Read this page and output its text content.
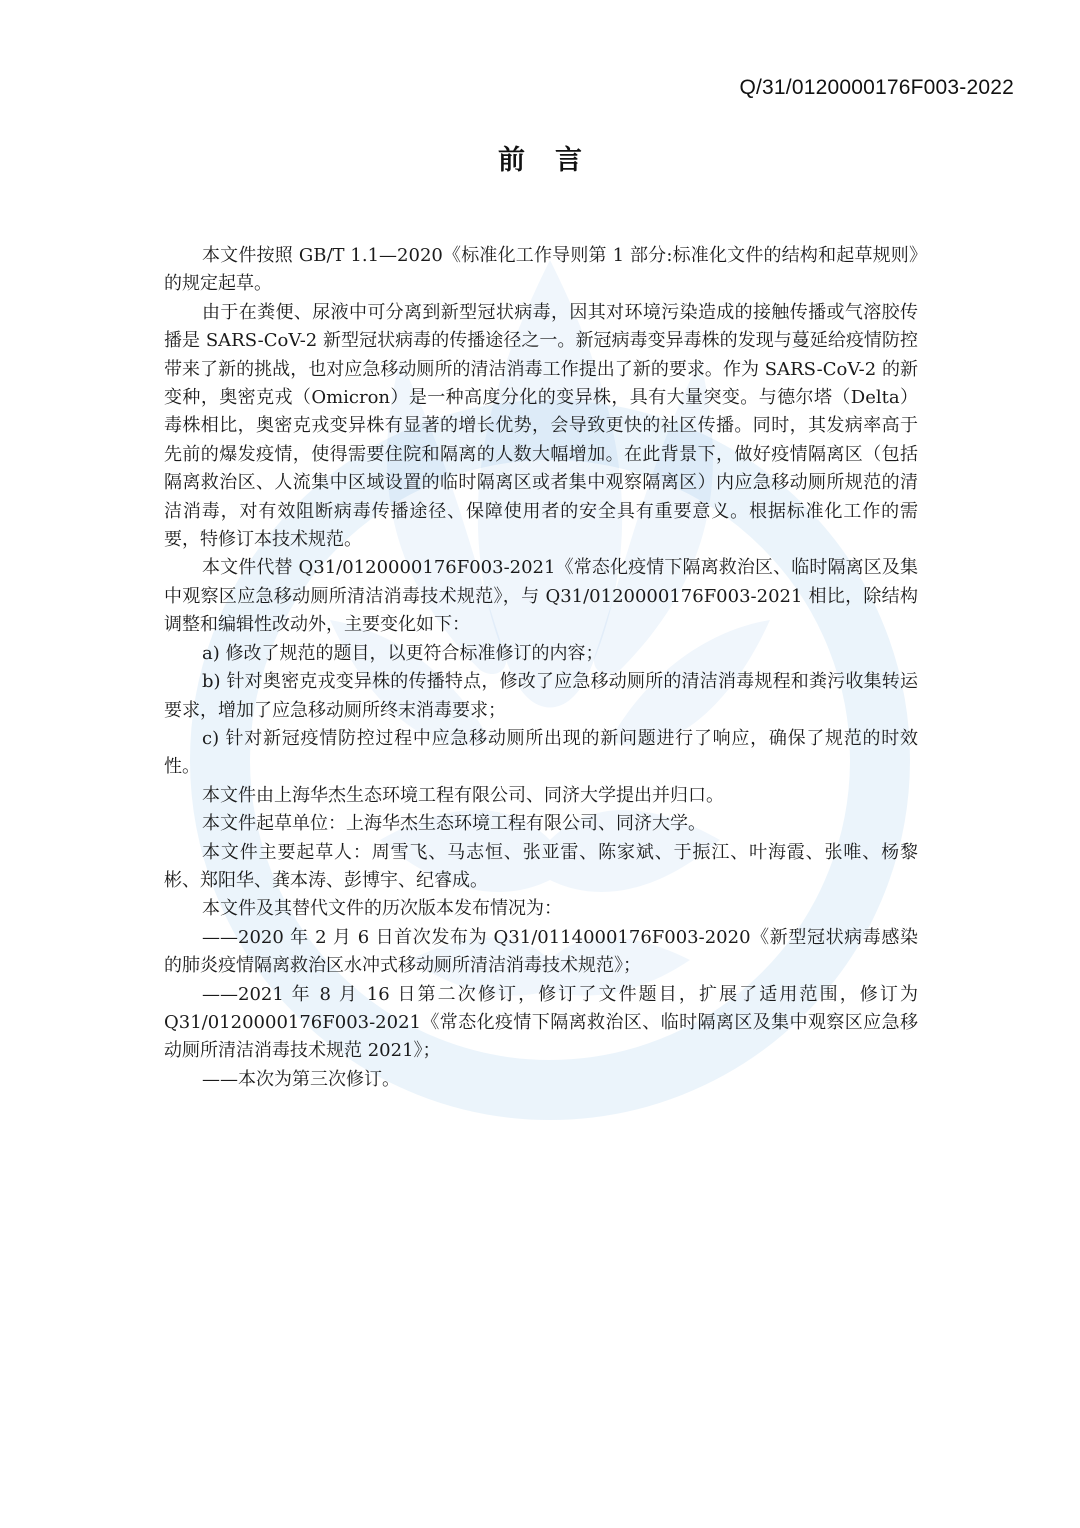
Q/31/0120000176F003-2022
前言

本文件按照 GB/T 1.1—2020《标准化工作导则第 1 部分:标准化文件的结构和起草规则》的规定起草。

由于在粪便、尿液中可分离到新型冠状病毒，因其对环境污染造成的接触传播或气溶胶传播是 SARS-CoV-2 新型冠状病毒的传播途径之一。新冠病毒变异毒株的发现与蔓延给疫情防控带来了新的挑战，也对应急移动厕所的清洁消毒工作提出了新的要求。作为 SARS-CoV-2 的新变种，奥密克戎（Omicron）是一种高度分化的变异株，具有大量突变。与德尔塔（Delta）毒株相比，奥密克戎变异株有显著的增长优势，会导致更快的社区传播。同时，其发病率高于先前的爆发疫情，使得需要住院和隔离的人数大幅增加。在此背景下，做好疫情隔离区（包括隔离救治区、人流集中区域设置的临时隔离区或者集中观察隔离区）内应急移动厕所规范的清洁消毒，对有效阻断病毒传播途径、保障使用者的安全具有重要意义。根据标准化工作的需要，特修订本技术规范。

本文件代替 Q31/0120000176F003-2021《常态化疫情下隔离救治区、临时隔离区及集中观察区应急移动厕所清洁消毒技术规范》，与 Q31/0120000176F003-2021 相比，除结构调整和编辑性改动外，主要变化如下：

a) 修改了规范的题目，以更符合标准修订的内容；

b) 针对奥密克戎变异株的传播特点，修改了应急移动厕所的清洁消毒规程和粪污收集转运要求，增加了应急移动厕所终末消毒要求；

c) 针对新冠疫情防控过程中应急移动厕所出现的新问题进行了响应，确保了规范的时效性。

本文件由上海华杰生态环境工程有限公司、同济大学提出并归口。

本文件起草单位：上海华杰生态环境工程有限公司、同济大学。

本文件主要起草人：周雪飞、马志恒、张亚雷、陈家斌、于振江、叶海霞、张唯、杨黎彬、郑阳华、龚本涛、彭博宇、纪睿成。

本文件及其替代文件的历次版本发布情况为：

——2020 年 2 月 6 日首次发布为 Q31/0114000176F003-2020《新型冠状病毒感染的肺炎疫情隔离救治区水冲式移动厕所清洁消毒技术规范》；

——2021 年 8 月 16 日第二次修订，修订了文件题目，扩展了适用范围，修订为 Q31/0120000176F003-2021《常态化疫情下隔离救治区、临时隔离区及集中观察区应急移动厕所清洁消毒技术规范 2021》；

——本次为第三次修订。
